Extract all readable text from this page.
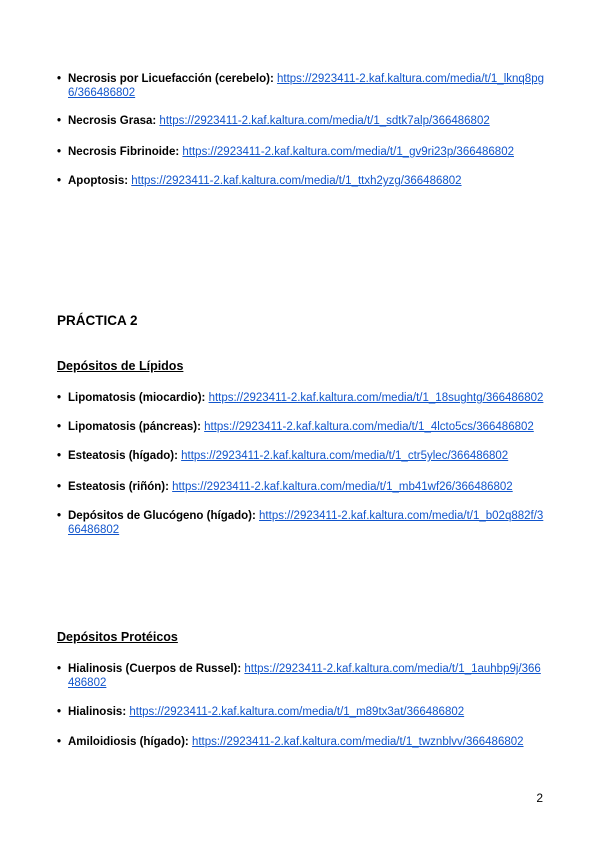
• Necrosis por Licuefacción (cerebelo): https://2923411-2.kaf.kaltura.com/media/t/1_lknq8pg6/366486802
• Necrosis Grasa: https://2923411-2.kaf.kaltura.com/media/t/1_sdtk7alp/366486802
• Necrosis Fibrinoide: https://2923411-2.kaf.kaltura.com/media/t/1_gv9ri23p/366486802
• Apoptosis: https://2923411-2.kaf.kaltura.com/media/t/1_ttxh2yzg/366486802
PRÁCTICA 2
Depósitos de Lípidos
• Lipomatosis (miocardio): https://2923411-2.kaf.kaltura.com/media/t/1_18sughtg/366486802
• Lipomatosis (páncreas): https://2923411-2.kaf.kaltura.com/media/t/1_4lcto5cs/366486802
• Esteatosis (hígado): https://2923411-2.kaf.kaltura.com/media/t/1_ctr5ylec/366486802
• Esteatosis (riñón): https://2923411-2.kaf.kaltura.com/media/t/1_mb41wf26/366486802
• Depósitos de Glucógeno (hígado): https://2923411-2.kaf.kaltura.com/media/t/1_b02q882f/366486802
Depósitos Protéicos
• Hialinosis (Cuerpos de Russel): https://2923411-2.kaf.kaltura.com/media/t/1_1auhbp9j/366486802
• Hialinosis: https://2923411-2.kaf.kaltura.com/media/t/1_m89tx3at/366486802
• Amiloidiosis (hígado): https://2923411-2.kaf.kaltura.com/media/t/1_twznblvv/366486802
2
